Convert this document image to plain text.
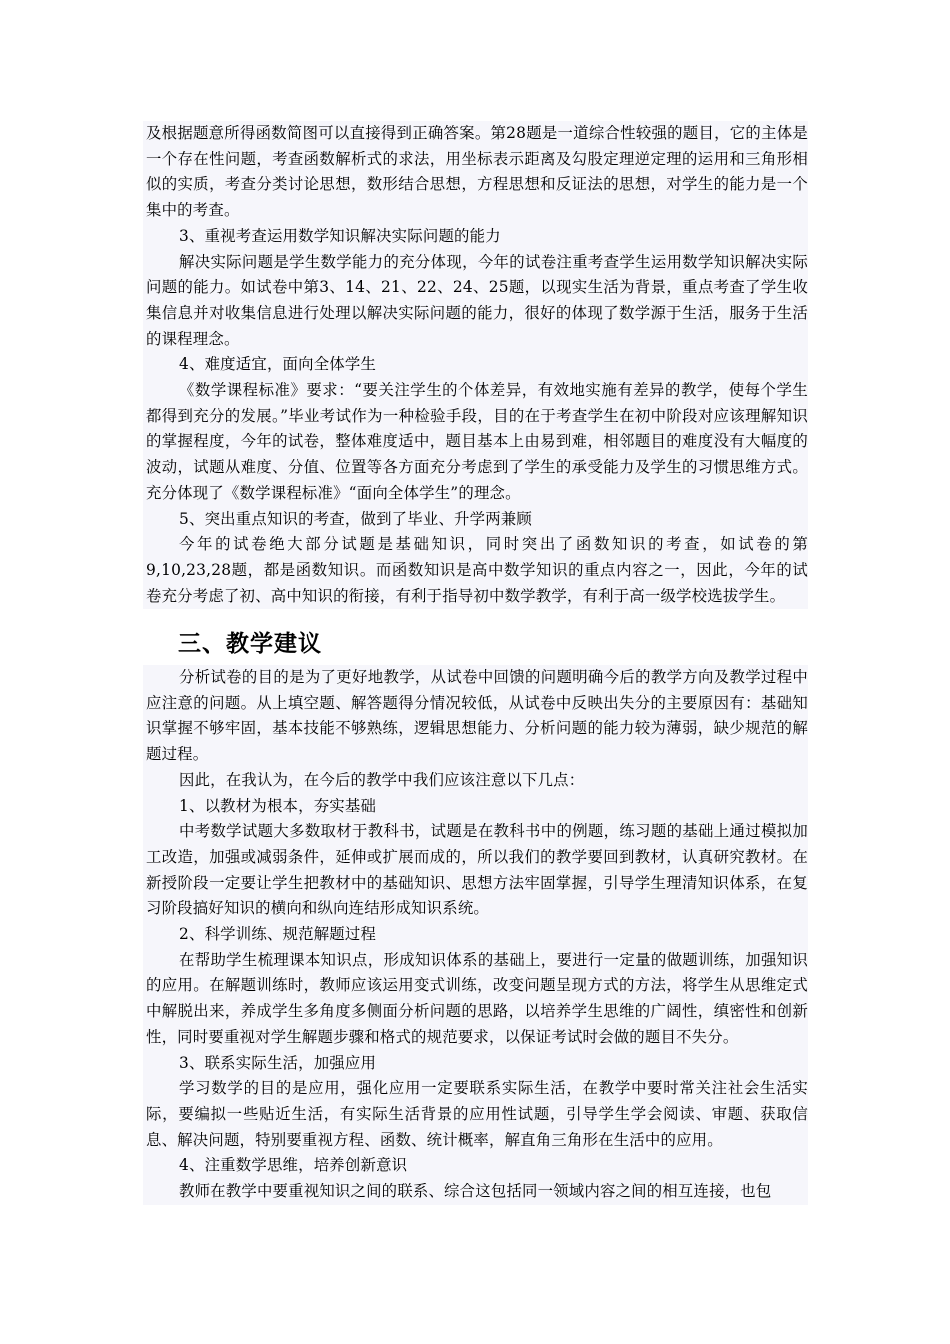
及根据题意所得函数简图可以直接得到正确答案。第28题是一道综合性较强的题目，它的主体是一个存在性问题，考查函数解析式的求法，用坐标表示距离及勾股定理逆定理的运用和三角形相似的实质，考查分类讨论思想，数形结合思想，方程思想和反证法的思想，对学生的能力是一个集中的考查。

3、重视考查运用数学知识解决实际问题的能力

解决实际问题是学生数学能力的充分体现，今年的试卷注重考查学生运用数学知识解决实际问题的能力。如试卷中第3、14、21、22、24、25题，以现实生活为背景，重点考查了学生收集信息并对收集信息进行处理以解决实际问题的能力，很好的体现了数学源于生活，服务于生活的课程理念。

4、难度适宜，面向全体学生

《数学课程标准》要求：“要关注学生的个体差异，有效地实施有差异的教学，使每个学生都得到充分的发展。”毕业考试作为一种检验手段，目的在于考查学生在初中阶段对应该理解知识的掌握程度，今年的试卷，整体难度适中，题目基本上由易到难，相邻题目的难度没有大幅度的波动，试题从难度、分值、位置等各方面充分考虑到了学生的承受能力及学生的习惯思维方式。充分体现了《数学课程标准》“面向全体学生”的理念。

5、突出重点知识的考查，做到了毕业、升学两兼顾

今年的试卷绝大部分试题是基础知识，同时突出了函数知识的考查，如试卷的第9,10,23,28题，都是函数知识。而函数知识是高中数学知识的重点内容之一，因此，今年的试卷充分考虑了初、高中知识的衔接，有利于指导初中数学教学，有利于高一级学校选拔学生。

三、教学建议

分析试卷的目的是为了更好地教学，从试卷中回馈的问题明确今后的教学方向及教学过程中应注意的问题。从上填空题、解答题得分情况较低，从试卷中反映出失分的主要原因有：基础知识掌握不够牢固，基本技能不够熟练，逻辑思想能力、分析问题的能力较为薄弱，缺少规范的解题过程。

因此，在我认为，在今后的教学中我们应该注意以下几点：

1、以教材为根本，夯实基础

中考数学试题大多数取材于教科书，试题是在教科书中的例题，练习题的基础上通过模拟加工改造，加强或减弱条件，延伸或扩展而成的，所以我们的教学要回到教材，认真研究教材。在新授阶段一定要让学生把教材中的基础知识、思想方法牢固掌握，引导学生理清知识体系，在复习阶段搞好知识的横向和纵向连结形成知识系统。

2、科学训练、规范解题过程

在帮助学生梳理课本知识点，形成知识体系的基础上，要进行一定量的做题训练，加强知识的应用。在解题训练时，教师应该运用变式训练，改变问题呈现方式的方法，将学生从思维定式中解脱出来，养成学生多角度多侧面分析问题的思路，以培养学生思维的广阔性，缜密性和创新性，同时要重视对学生解题步骤和格式的规范要求，以保证考试时会做的题目不失分。

3、联系实际生活，加强应用

学习数学的目的是应用，强化应用一定要联系实际生活，在教学中要时常关注社会生活实际，要编拟一些贴近生活，有实际生活背景的应用性试题，引导学生学会阅读、审题、获取信息、解决问题，特别要重视方程、函数、统计概率，解直角三角形在生活中的应用。

4、注重数学思维，培养创新意识

教师在教学中要重视知识之间的联系、综合这包括同一领域内容之间的相互连接，也包
